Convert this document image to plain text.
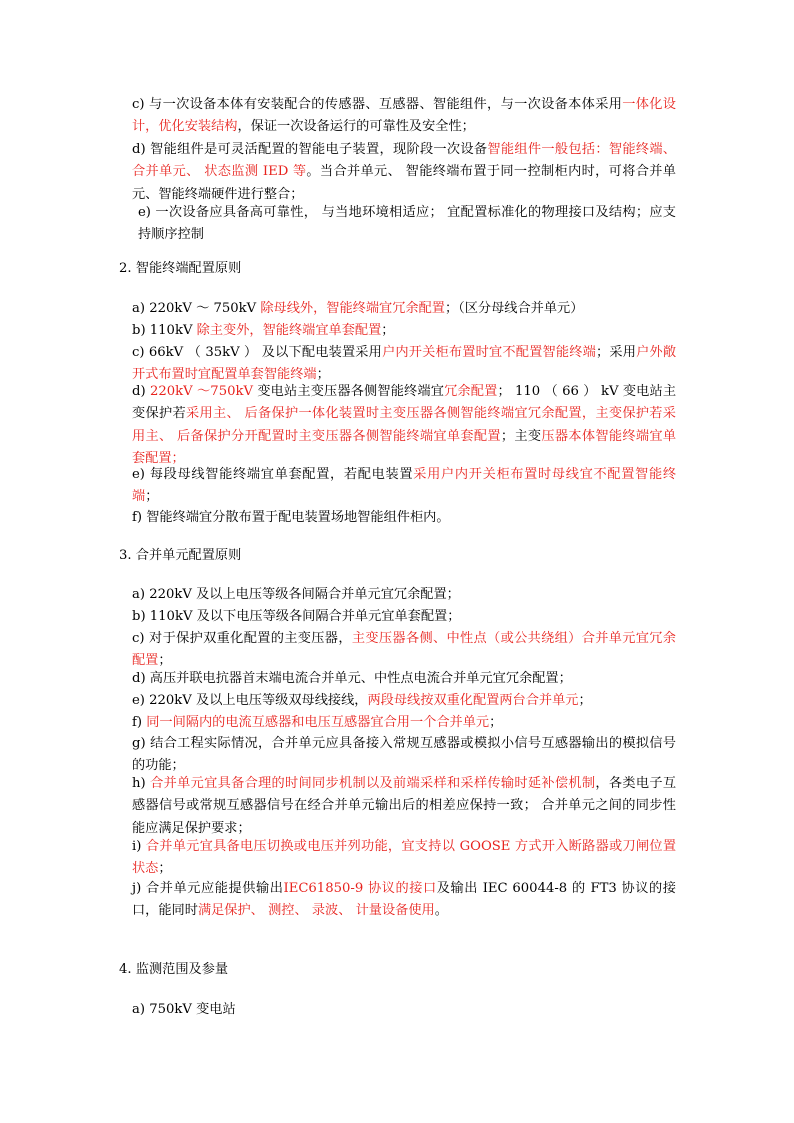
c) 与一次设备本体有安装配合的传感器、互感器、智能组件，与一次设备本体采用一体化设计，优化安装结构，保证一次设备运行的可靠性及安全性；

d) 智能组件是可灵活配置的智能电子装置，现阶段一次设备智能组件一般包括：智能终端、 合并单元、 状态监测 IED 等。当合并单元、 智能终端布置于同一控制柜内时，可将合并单元、智能终端硬件进行整合；

e) 一次设备应具备高可靠性， 与当地环境相适应； 宜配置标准化的物理接口及结构；应支持顺序控制

2. 智能终端配置原则

a) 220kV ～ 750kV 除母线外，智能终端宜冗余配置；（区分母线合并单元）

b) 110kV 除主变外，智能终端宜单套配置；

c) 66kV （ 35kV ） 及以下配电装置采用户内开关柜布置时宜不配置智能终端；采用户外敞开式布置时宜配置单套智能终端；

d) 220kV ～750kV 变电站主变压器各侧智能终端宜冗余配置； 110 （ 66 ） kV 变电站主变保护若采用主、 后备保护一体化装置时主变压器各侧智能终端宜冗余配置，主变保护若采用主、 后备保护分开配置时主变压器各侧智能终端宜单套配置；主变压器本体智能终端宜单套配置；

e) 每段母线智能终端宜单套配置，若配电装置采用户内开关柜布置时母线宜不配置智能终端；

f) 智能终端宜分散布置于配电装置场地智能组件柜内。

3. 合并单元配置原则

a) 220kV 及以上电压等级各间隔合并单元宜冗余配置；

b) 110kV 及以下电压等级各间隔合并单元宜单套配置；

c) 对于保护双重化配置的主变压器，主变压器各侧、中性点（或公共绕组）合并单元宜冗余配置；

d) 高压并联电抗器首末端电流合并单元、中性点电流合并单元宜冗余配置；

e) 220kV 及以上电压等级双母线接线，两段母线按双重化配置两台合并单元；

f) 同一间隔内的电流互感器和电压互感器宜合用一个合并单元；

g) 结合工程实际情况，合并单元应具备接入常规互感器或模拟小信号互感器输出的模拟信号的功能；

h) 合并单元宜具备合理的时间同步机制以及前端采样和采样传输时延补偿机制，各类电子互感器信号或常规互感器信号在经合并单元输出后的相差应保持一致； 合并单元之间的同步性能应满足保护要求；

i) 合并单元宜具备电压切换或电压并列功能，宜支持以 GOOSE 方式开入断路器或刀闸位置状态；

j) 合并单元应能提供输出IEC61850-9 协议的接口及输出 IEC 60044-8 的 FT3 协议的接口，能同时满足保护、 测控、 录波、 计量设备使用。

4. 监测范围及参量

a) 750kV 变电站
